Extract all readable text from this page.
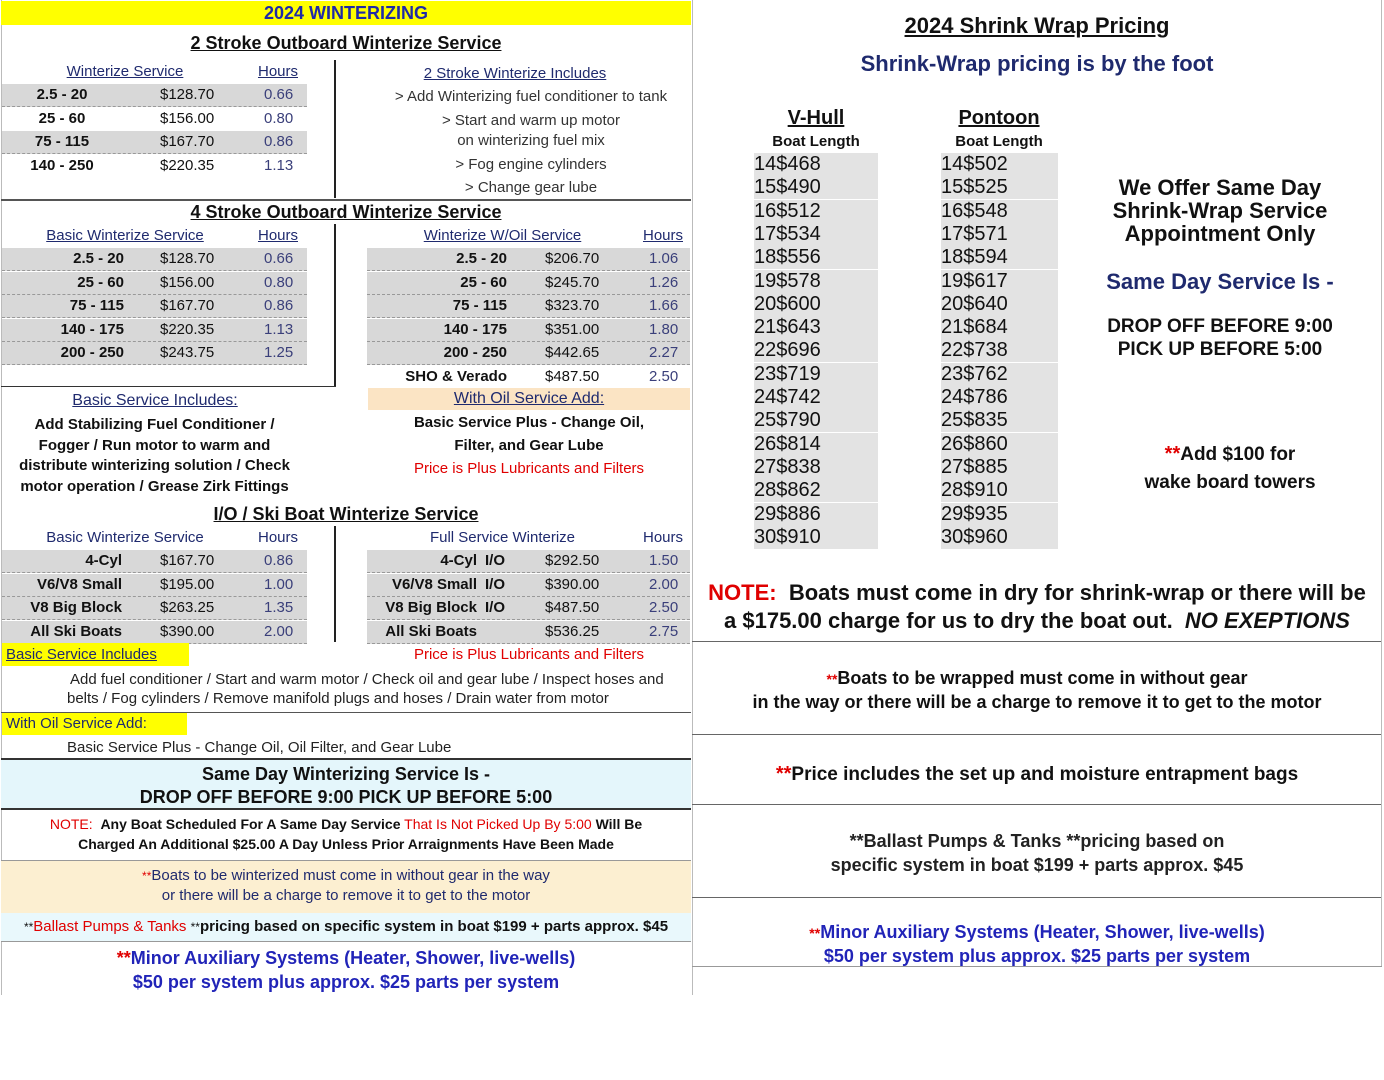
2024 WINTERIZING
2 Stroke Outboard Winterize Service
Winterize Service	Hours
2.5 - 20	$128.70	0.66
25 - 60	$156.00	0.80
75 - 115	$167.70	0.86
140 - 250	$220.35	1.13
2 Stroke Winterize Includes
> Add Winterizing fuel conditioner to tank
> Start and warm up motor
on winterizing fuel mix
> Fog engine cylinders
> Change gear lube
4 Stroke Outboard Winterize Service
Basic Winterize Service	Hours	Winterize W/Oil Service	Hours
2.5 - 20 $128.70	0.66
25 - 60 $156.00	0.80
75 - 115 $167.70	0.86
140 - 175 $220.35	1.13
200 - 250 $243.75	1.25
2.5 - 20	$206.70	1.06
25 - 60	$245.70	1.26
75 - 115	$323.70	1.66
140 - 175	$351.00	1.80
200 - 250	$442.65	2.27
SHO & Verado	$487.50	2.50
Basic Service Includes:
Add Stabilizing Fuel Conditioner /
Fogger / Run motor to warm and
distribute winterizing solution / Check
motor operation / Grease Zirk Fittings
With Oil Service Add:
Basic Service Plus - Change Oil,
Filter, and Gear Lube
Price is Plus Lubricants and Filters
I/O / Ski Boat Winterize Service
Basic Winterize Service	Hours	Full Service Winterize	Hours
4-Cyl	$167.70	0.86
V6/V8 Small	$195.00	1.00
V8 Big Block	$263.25	1.35
All Ski Boats	$390.00	2.00
4-Cyl I/O	$292.50	1.50
V6/V8 Small I/O	$390.00	2.00
V8 Big Block I/O	$487.50	2.50
All Ski Boats	$536.25	2.75
Basic Service Includes	Price is Plus Lubricants and Filters
Add fuel conditioner / Start and warm motor / Check oil and gear lube / Inspect hoses and
belts / Fog cylinders / Remove manifold plugs and hoses / Drain water from motor
With Oil Service Add:
Basic Service Plus - Change Oil, Oil Filter, and Gear Lube
Same Day Winterizing Service Is -
DROP OFF BEFORE 9:00 PICK UP BEFORE 5:00
NOTE: Any Boat Scheduled For A Same Day Service That Is Not Picked Up By 5:00 Will Be
Charged An Additional $25.00 A Day Unless Prior Arraignments Have Been Made
**Boats to be winterized must come in without gear in the way
or there will be a charge to remove it to get to the motor
**Ballast Pumps & Tanks **pricing based on specific system in boat $199 + parts approx. $45
**Minor Auxiliary Systems (Heater, Shower, live-wells)
$50 per system plus approx. $25 parts per system
2024 Shrink Wrap Pricing
Shrink-Wrap pricing is by the foot
V-Hull
Boat Length
Pontoon
Boat Length
14$468
15$490
16$512
17$534
18$556
19$578
20$600
21$643
22$696
23$719
24$742
25$790
26$814
27$838
28$862
29$886
30$910
14$502
15$525
16$548
17$571
18$594
19$617
20$640
21$684
22$738
23$762
24$786
25$835
26$860
27$885
28$910
29$935
30$960
We Offer Same Day
Shrink-Wrap Service
Appointment Only
Same Day Service Is -
DROP OFF BEFORE 9:00
PICK UP BEFORE 5:00
**Add $100 for
wake board towers
NOTE: Boats must come in dry for shrink-wrap or there will be
a $175.00 charge for us to dry the boat out. NO EXEPTIONS
**Boats to be wrapped must come in without gear
in the way or there will be a charge to remove it to get to the motor
**Price includes the set up and moisture entrapment bags
**Ballast Pumps & Tanks **pricing based on
specific system in boat $199 + parts approx. $45
**Minor Auxiliary Systems (Heater, Shower, live-wells)
$50 per system plus approx. $25 parts per system
